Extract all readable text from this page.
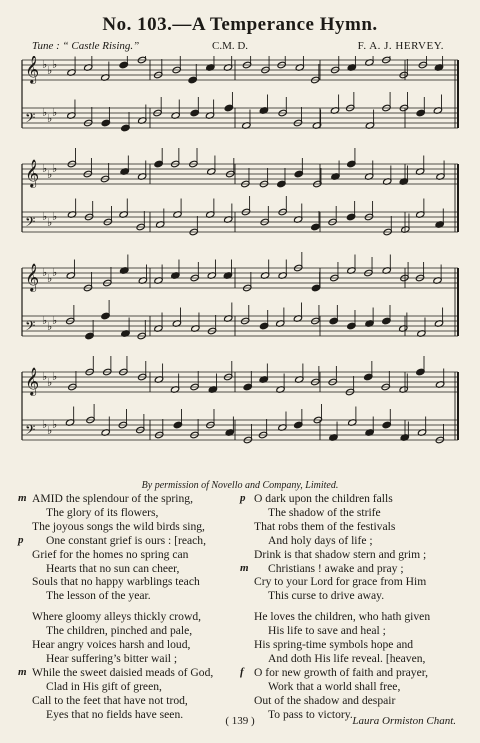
No. 103.—A Temperance Hymn.
Tune : “ Castle Rising.”	C.M. D.	F. A. J. HERVEY.
𝄞 ♭ ♭ ♭
𝄢 ♭ ♭ ♭
𝄞 ♭ ♭ ♭
𝄢 ♭ ♭ ♭
𝄞 ♭ ♭ ♭
𝄢 ♭ ♭ ♭
𝄞 ♭ ♭ ♭
𝄢 ♭ ♭ ♭
By permission of Novello and Company, Limited.
m AMID the splendour of the spring,
The glory of its flowers,
The joyous songs the wild birds sing,
p One constant grief is ours : [reach,
Grief for the homes no spring can
Hearts that no sun can cheer,
Souls that no happy warblings teach
The lesson of the year.
Where gloomy alleys thickly crowd,
The children, pinched and pale,
Hear angry voices harsh and loud,
Hear suffering’s bitter wail ;
m While the sweet daisied meads of God,
Clad in His gift of green,
Call to the feet that have not trod,
Eyes that no fields have seen.
p O dark upon the children falls
The shadow of the strife
That robs them of the festivals
And holy days of life ;
Drink is that shadow stern and grim ;
m Christians ! awake and pray ;
Cry to your Lord for grace from Him
This curse to drive away.
He loves the children, who hath given
His life to save and heal ;
His spring-time symbols hope and
And doth His life reveal. [heaven,
f O for new growth of faith and prayer,
Work that a world shall free,
Out of the shadow and despair
To pass to victory.
( 139 )	Laura Ormiston Chant.
